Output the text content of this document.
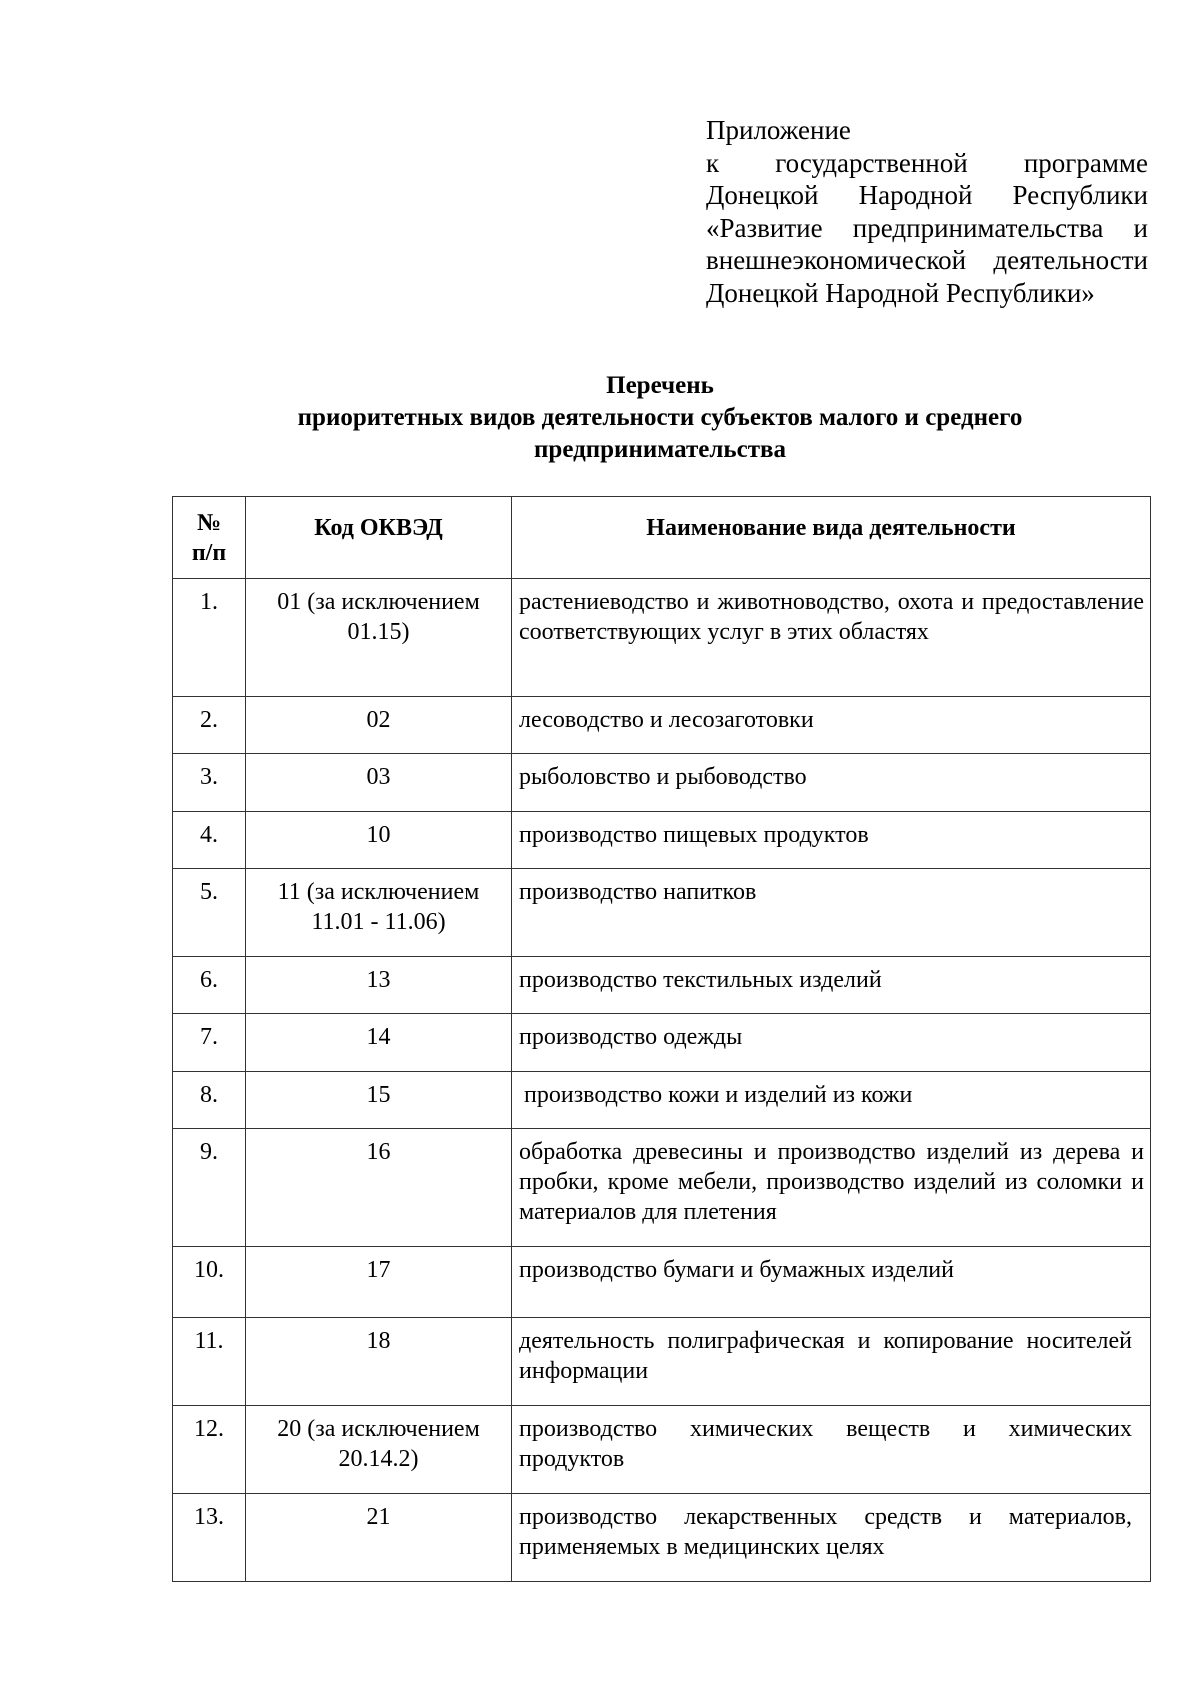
Приложение
к государственной программе
Донецкой Народной Республики
«Развитие предпринимательства и
внешнеэкономической деятельности
Донецкой Народной Республики»
Перечень
приоритетных видов деятельности субъектов малого и среднего
предпринимательства
№
п/п	Код ОКВЭД	Наименование вида деятельности
1.	01 (за исключением 01.15)	растениеводство и животноводство, охота и предоставление соответствующих услуг в этих областях
2.	02	лесоводство и лесозаготовки
3.	03	рыболовство и рыбоводство
4.	10	производство пищевых продуктов
5.	11 (за исключением 11.01 - 11.06)	производство напитков
6.	13	производство текстильных изделий
7.	14	производство одежды
8.	15	производство кожи и изделий из кожи
9.	16	обработка древесины и производство изделий из дерева и пробки, кроме мебели, производство изделий из соломки и материалов для плетения
10.	17	производство бумаги и бумажных изделий
11.	18	деятельность полиграфическая и копирование носителей информации
12.	20 (за исключением 20.14.2)	производство химических веществ и химических продуктов
13.	21	производство лекарственных средств и материалов, применяемых в медицинских целях
